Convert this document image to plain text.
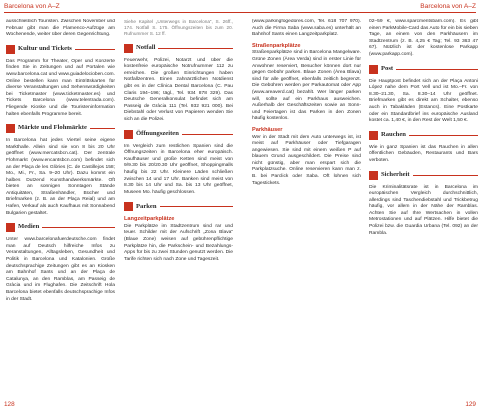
Barcelona von A–Z	Barcelona von A–Z

ausschließlich Touristen. Zwischen November und Februar gibt man die Flamenco-Aufzüge am Wochenende, weiter über deren Gegenrichtung.

Kultur und Tickets

Das Programm für Theater, Oper und Konzerte finden Sie in Zeitungen und auf Portalen wie www.barcelona.cat und www.guiadelocioben.com. Online bestellen kann man Eintrittskarten für diverse Veranstaltungen und Sehenswürdigkeiten bei Ticketmaster (www.ticketmaster.es) und Tickets Barcelona (www.telentrada.com). Fliegende Kioske und die Touristeninformation halten ebenfalls Programme bereit.

Märkte und Flohmärkte

In Barcelona hat jedes Viertel seine eigene Markthalle. Allein sind sie von 8 bis 20 Uhr geöffnet (www.mercatsbcn.cat). Der zentrale Flohmarkt (www.encantsbcn.com) befindet sich an der Plaça de les Glòries (C. de Castillejos 158; Mo., Mi., Fr., Sa. 9–20 Uhr). Dazu kommt ein halbes Dutzend Kunsthandwerksmärkte. Oft bieten an sonnigen Sonntagen Stände Antiquitäten, Straßenhändler, Bücher und Briefmarken (z. B. an der Plaça Reial) und am Hafen, Verkauf als auch Kaufhaus mit Sonnabend Bulgarien gestaltet.

Medien

Unter www.barcelonafuerdeutsche.com findet man auf Deutsch hilfreiche Infos zu Veranstaltungen, Alltagsleben, Gesundheit und Politik in Barcelona und Katalonien. Große deutschsprachige Zeitungen gibt es an Kiosken am Bahnhof Sants und an der Plaça de Catalunya, an den Ramblas, am Passeig de Gràcia und im Flughafen. Die Zeitschrift Hola Barcelona bietet ebenfalls deutschsprachige Infos in der Stadt.

Siehe Kapitel „Unterwegs in Barcelona“, S. 26ff., 174. Notfall S. 175. Öffnungszeiten bis zum 20. Rufnummer S. 12 ff.

Notfall

Feuerwehr, Polizei, Notarzt und über die kostenfreie europäische Notrufnummer 112 zu erreichen. Die großen Einrichtungen haben Notfallzentren. Einen zahnärztlichen Notdienst gibt es in der Clínica Dental Barcelona (C. Pau Claris 194–196; tägl., Tel. 934 878 329). Das Deutsche Generalkonsulat befindet sich am Passeig de Gràcia 111 (Tel. 932 921 000). Bei Diebstahl oder Verlust von Papieren wenden Sie sich an die Polizei.

Öffnungszeiten

Im Vergleich zum restlichen Spanien sind die Öffnungszeiten in Barcelona eher europäisch. Kaufhäuser und große Ketten sind meist von 9/9.30 bis 20/20.30 Uhr geöffnet, Shoppingmalls häufig bis 22 Uhr. Kleinere Läden schließen zwischen 14 und 17 Uhr. Banken sind meist von 8.30 bis 14 Uhr und Sa. bis 13 Uhr geöffnet, Museen Mo. häufig geschlossen.

Parken
Langzeitparkplätze

Die Parkplätze im Stadtzentrum sind rar und teuer. Schilder mit der Aufschrift „Zona Blava“ (Blaue Zone) weisen auf gebührenpflichtige Parkplätze hin, die Parkschein- und Bezahlungs-Apps für bis zu zwei Stunden genutzt werden. Die Tarife richten sich nach Zone und Tageszeit.

(www.parkingfogedores.com, Tel. 618 707 970). Auch die Firma Saba (www.saba.es) unterhält an Bahnhof Sants einen Langzeitparkplatz.

Straßenparkplätze

Straßenparkplätze sind in Barcelona Mangelware. Grüne Zonen (Àrea Verda) sind in erster Linie für Anwohner reserviert, Besucher können dort nur gegen Gebühr parken. Blaue Zonen (Àrea Blava) sind für alle geöffnet, ebenfalls zeitlich begrenzt. Die Gebühren werden per Parkautomat oder App (www.areaverd.cat) bezahlt. Wer länger parken will, sollte auf ein Parkhaus ausweichen. Außerhalb der Geschäftszeiten sowie an Sonn- und Feiertagen ist das Parken in den Zonen häufig kostenlos.

Parkhäuser

Wer in der Stadt mit dem Auto unterwegs ist, ist meist auf Parkhäuser oder Tiefgaragen angewiesen. Sie sind mit einem weißen P auf blauem Grund ausgeschildert. Die Preise sind nicht günstig, aber man erspart sich die Parkplatzsuche. Online reservieren kann man z. B. bei Parclick oder Saba. Oft lohnen sich Tagestickets.

02–59 €, www.sparcmentsbarn.com). Es gibt einen ParkMobile-Card das Auto für ein bis sieben Tage, an einem von den Parkhäusern im Stadtzentrum (z. B. 4,25 € Tag; Tel. 93 363 47 67). Nützlich ist der kostenlose Parkapp (www.parkapp.com).

Post

Die Hauptpost befindet sich an der Plaça Antoni López nahe dem Port Vell und ist Mo.–Fr. von 8.30–21.30, Sa. 8.30–14 Uhr geöffnet. Briefmarken gibt es direkt am Schalter, ebenso auch in Tabakläden (Estancs). Eine Postkarte oder ein Standardbrief ins europäische Ausland kostet ca. 1,40 €, in den Rest der Welt 1,50 €.

Rauchen

Wie in ganz Spanien ist das Rauchen in allen öffentlichen Gebäuden, Restaurants und Bars verboten.

Sicherheit

Die Kriminalitätsrate ist in Barcelona im europäischen Vergleich durchschnittlich, allerdings sind Taschendiebstahl und Trickbetrug häufig, vor allem in der Nähe der Ramblas. Achten Sie auf Ihre Wertsachen in vollen Metrostationen und auf Plätzen. Hilfe bietet die Polizei bzw. die Guardia Urbana (Tel. 092) an der Rambla.

128	129
